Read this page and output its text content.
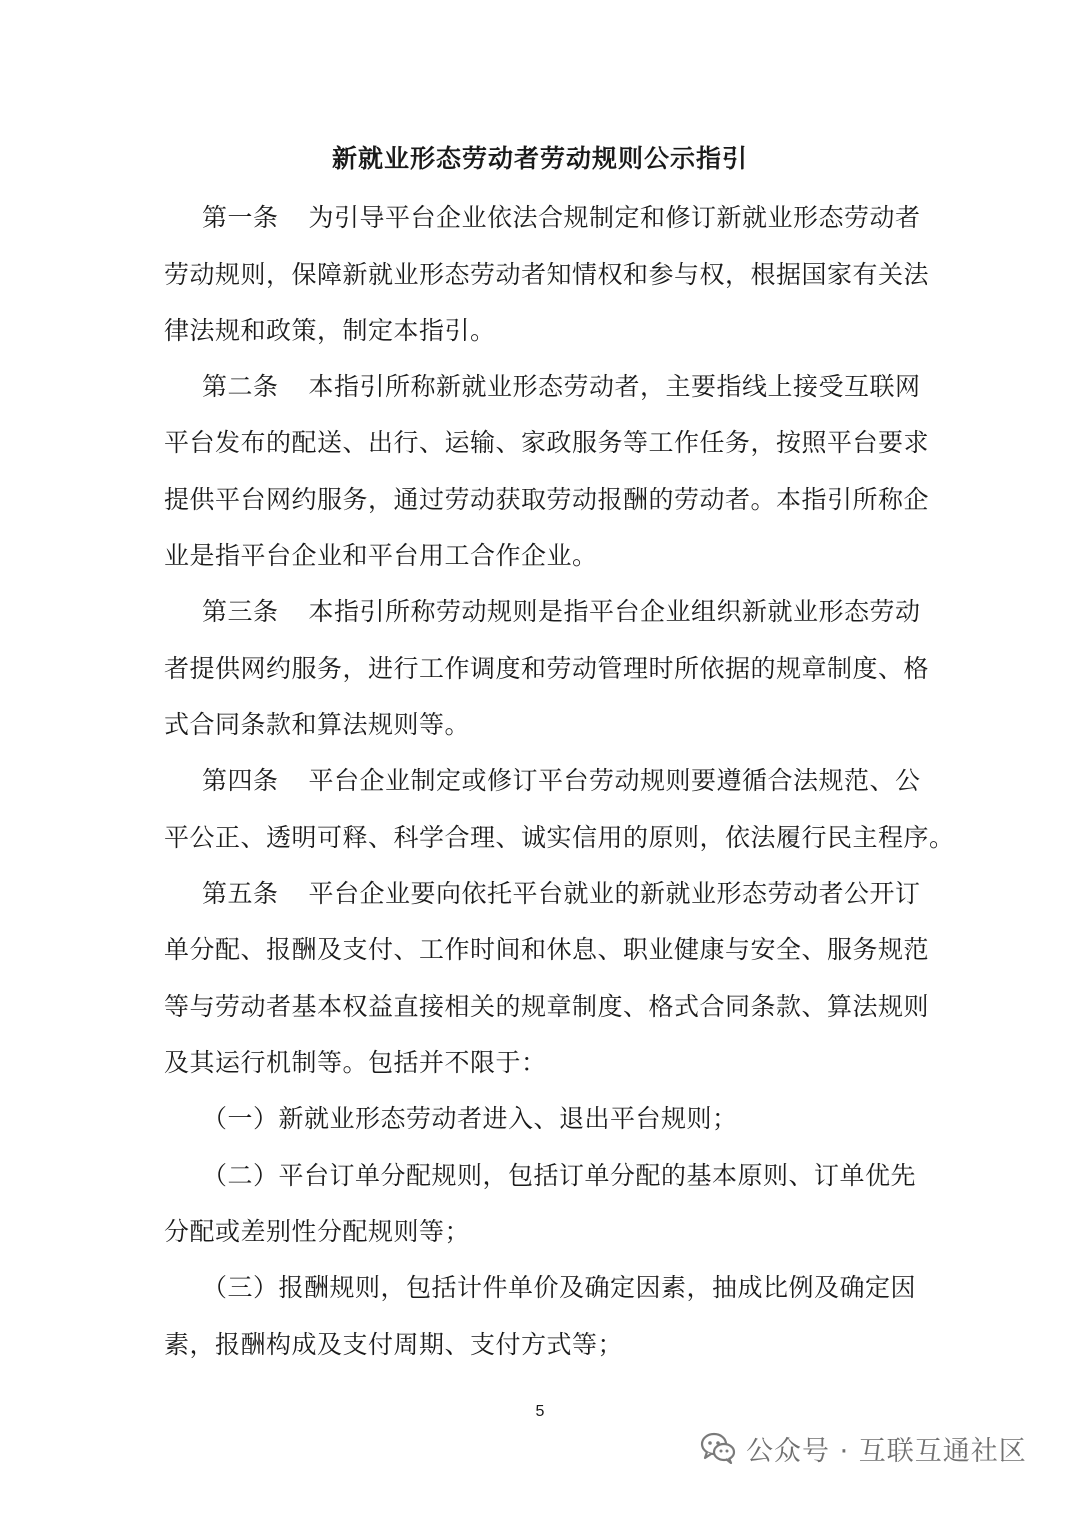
新就业形态劳动者劳动规则公示指引
第一条 为引导平台企业依法合规制定和修订新就业形态劳动者
劳动规则，保障新就业形态劳动者知情权和参与权，根据国家有关法
律法规和政策，制定本指引。
第二条 本指引所称新就业形态劳动者，主要指线上接受互联网
平台发布的配送、出行、运输、家政服务等工作任务，按照平台要求
提供平台网约服务，通过劳动获取劳动报酬的劳动者。本指引所称企
业是指平台企业和平台用工合作企业。
第三条 本指引所称劳动规则是指平台企业组织新就业形态劳动
者提供网约服务，进行工作调度和劳动管理时所依据的规章制度、格
式合同条款和算法规则等。
第四条 平台企业制定或修订平台劳动规则要遵循合法规范、公
平公正、透明可释、科学合理、诚实信用的原则，依法履行民主程序。
第五条 平台企业要向依托平台就业的新就业形态劳动者公开订
单分配、报酬及支付、工作时间和休息、职业健康与安全、服务规范
等与劳动者基本权益直接相关的规章制度、格式合同条款、算法规则
及其运行机制等。包括并不限于：
（一）新就业形态劳动者进入、退出平台规则；
（二）平台订单分配规则，包括订单分配的基本原则、订单优先
分配或差别性分配规则等；
（三）报酬规则，包括计件单价及确定因素，抽成比例及确定因
素，报酬构成及支付周期、支付方式等；
5
公众号 · 互联互通社区
